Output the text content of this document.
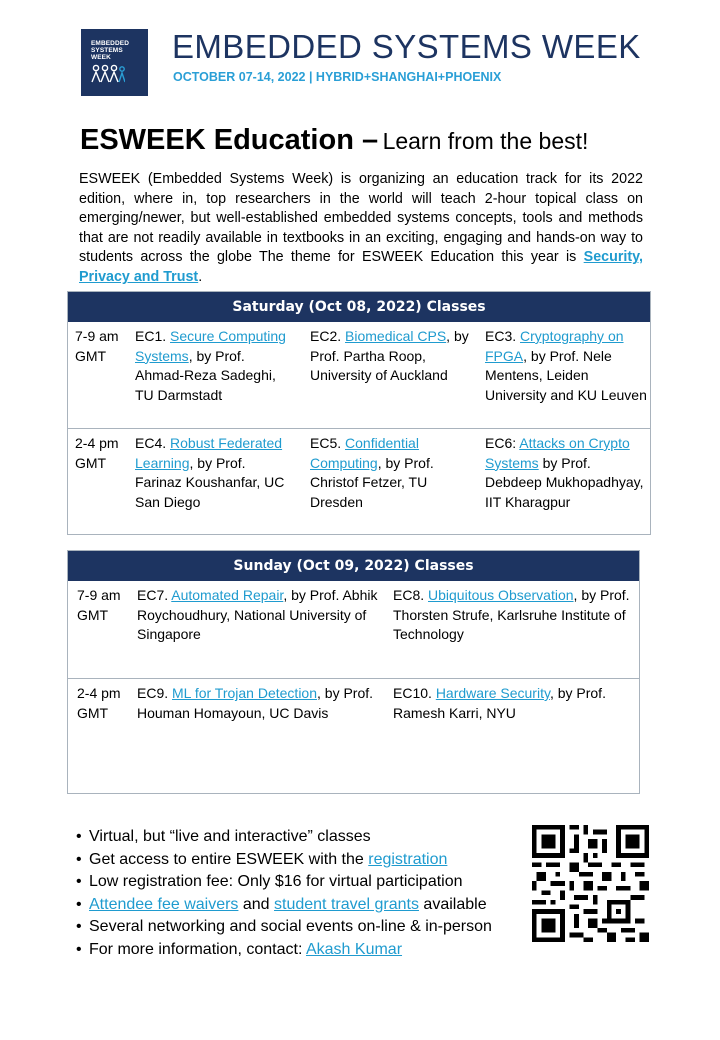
EMBEDDED
SYSTEMS
WEEK	EMBEDDED SYSTEMS WEEK
OCTOBER 07-14, 2022 | HYBRID+SHANGHAI+PHOENIX
ESWEEK Education – Learn from the best!
ESWEEK (Embedded Systems Week) is organizing an education track for its 2022 edition, where in, top researchers in the world will teach 2-hour topical class on emerging/newer, but well-established embedded systems concepts, tools and methods that are not readily available in textbooks in an exciting, engaging and hands-on way to students across the globe The theme for ESWEEK Education this year is Security, Privacy and Trust.
Saturday (Oct 08, 2022) Classes
7-9 am
GMT
EC1. Secure Computing Systems, by Prof. Ahmad-Reza Sadeghi, TU Darmstadt
EC2. Biomedical CPS, by Prof. Partha Roop, University of Auckland
EC3. Cryptography on FPGA, by Prof. Nele Mentens, Leiden University and KU Leuven
2-4 pm
GMT
EC4. Robust Federated Learning, by Prof. Farinaz Koushanfar, UC San Diego
EC5. Confidential Computing, by Prof. Christof Fetzer, TU Dresden
EC6: Attacks on Crypto Systems by Prof. Debdeep Mukhopadhyay, IIT Kharagpur
Sunday (Oct 09, 2022) Classes
7-9 am
GMT
EC7. Automated Repair, by Prof. Abhik Roychoudhury, National University of Singapore
EC8. Ubiquitous Observation, by Prof. Thorsten Strufe, Karlsruhe Institute of Technology
2-4 pm
GMT
EC9. ML for Trojan Detection, by Prof. Houman Homayoun, UC Davis
EC10. Hardware Security, by Prof. Ramesh Karri, NYU
• Virtual, but “live and interactive” classes
• Get access to entire ESWEEK with the registration
• Low registration fee: Only $16 for virtual participation
• Attendee fee waivers and student travel grants available
• Several networking and social events on-line & in-person
• For more information, contact: Akash Kumar
